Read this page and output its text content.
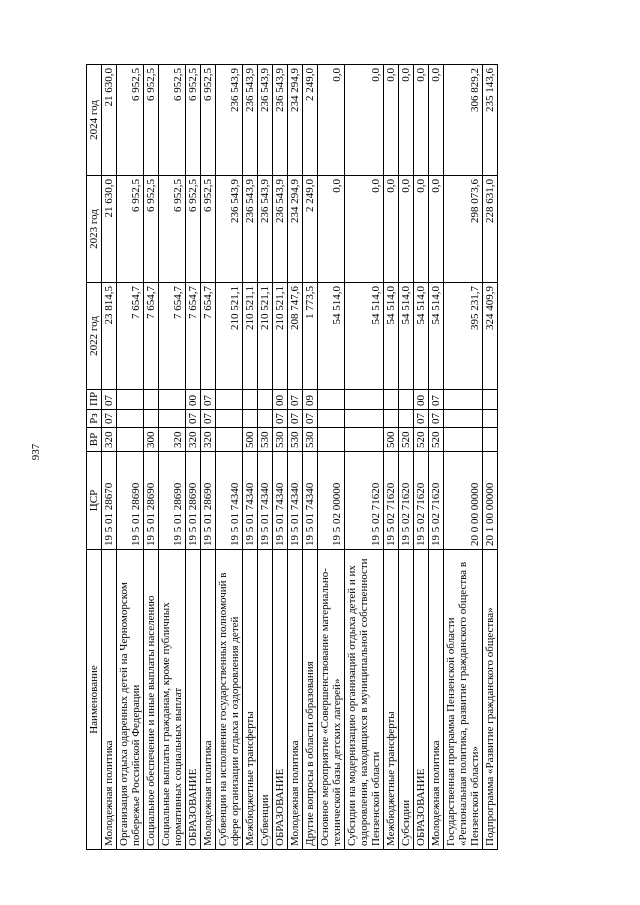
937
Наименование	ЦСР	ВР	Рз	ПР	2022 год	2023 год	2024 год
Молодежная политика	19 5 01 28670	320	07	07	23 814,5	21 630,0	21 630,0
Организация отдыха одаренных детей на Черноморском побережье Российской Федерации	19 5 01 28690				7 654,7	6 952,5	6 952,5
Социальное обеспечение и иные выплаты населению	19 5 01 28690	300			7 654,7	6 952,5	6 952,5
Социальные выплаты гражданам, кроме публичных нормативных социальных выплат	19 5 01 28690	320			7 654,7	6 952,5	6 952,5
ОБРАЗОВАНИЕ	19 5 01 28690	320	07	00	7 654,7	6 952,5	6 952,5
Молодежная политика	19 5 01 28690	320	07	07	7 654,7	6 952,5	6 952,5
Субвенции на исполнение государственных полномочий в сфере организации отдыха и оздоровления детей	19 5 01 74340				210 521,1	236 543,9	236 543,9
Межбюджетные трансферты	19 5 01 74340	500			210 521,1	236 543,9	236 543,9
Субвенции	19 5 01 74340	530			210 521,1	236 543,9	236 543,9
ОБРАЗОВАНИЕ	19 5 01 74340	530	07	00	210 521,1	236 543,9	236 543,9
Молодежная политика	19 5 01 74340	530	07	07	208 747,6	234 294,9	234 294,9
Другие вопросы в области образования	19 5 01 74340	530	07	09	1 773,5	2 249,0	2 249,0
Основное мероприятие «Совершенствование материально-технической базы детских лагерей»	19 5 02 00000				54 514,0	0,0	0,0
Субсидии на модернизацию организаций отдыха детей и их оздоровления, находящихся в муниципальной собственности Пензенской области	19 5 02 71620				54 514,0	0,0	0,0
Межбюджетные трансферты	19 5 02 71620	500			54 514,0	0,0	0,0
Субсидии	19 5 02 71620	520			54 514,0	0,0	0,0
ОБРАЗОВАНИЕ	19 5 02 71620	520	07	00	54 514,0	0,0	0,0
Молодежная политика	19 5 02 71620	520	07	07	54 514,0	0,0	0,0
Государственная программа Пензенской области «Региональная политика, развитие гражданского общества в Пензенской области»	20 0 00 00000				395 231,7	298 073,6	306 829,2
Подпрограмма «Развитие гражданского общества»	20 1 00 00000				324 409,9	228 631,0	235 143,6
